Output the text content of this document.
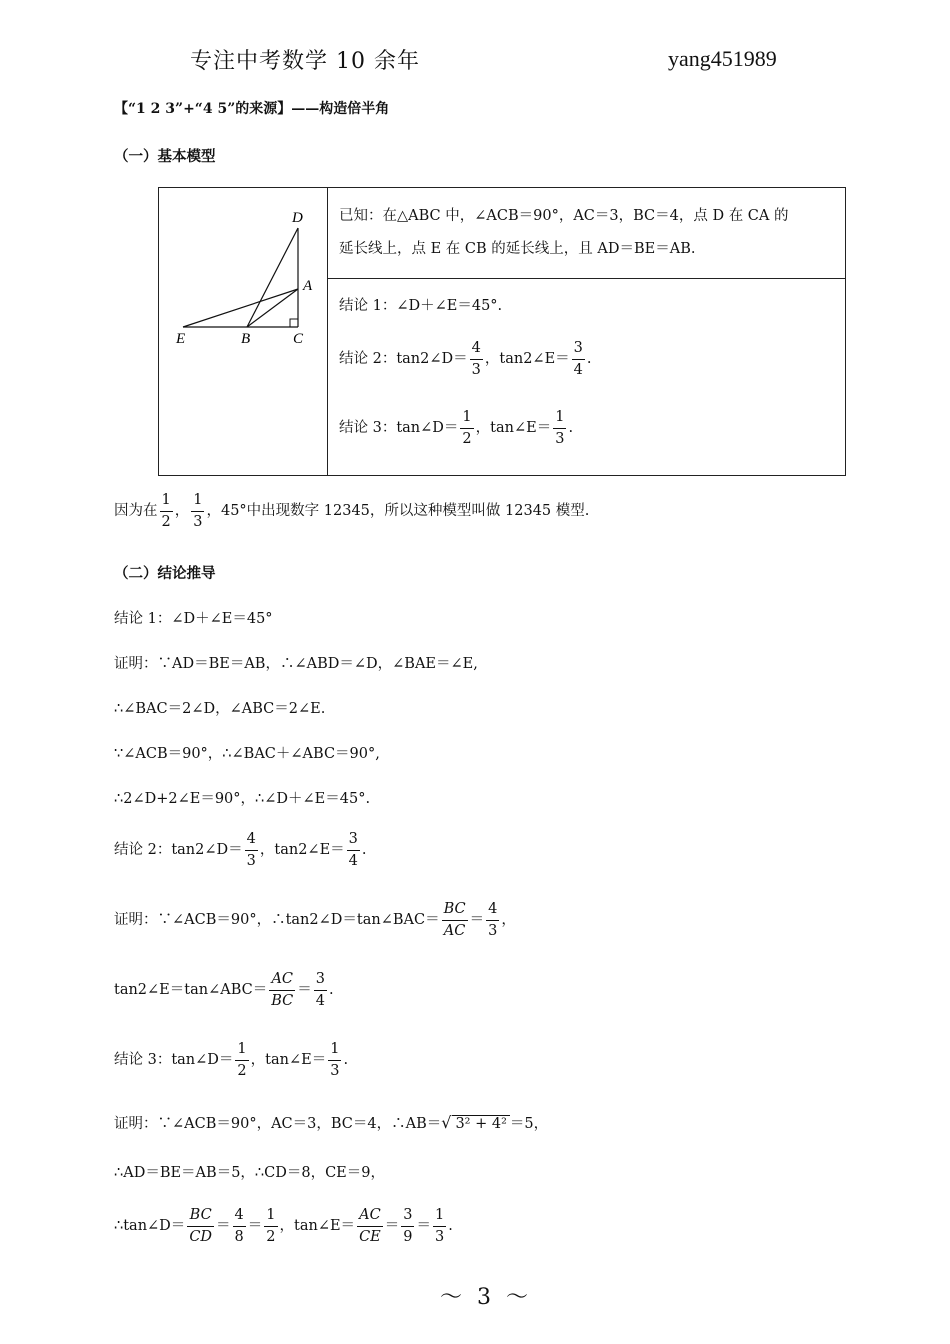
专注中考数学 10 余年	yang451989
【“1 2 3”+“4 5”的来源】——构造倍半角
（一）基本模型
D
A
E	B	C
已知：在△ABC 中，∠ACB＝90°，AC＝3，BC＝4，点 D 在 CA 的
延长线上，点 E 在 CB 的延长线上，且 AD＝BE＝AB.
结论 1：∠D＋∠E＝45°.
结论 2：tan2∠D＝ $\frac{4}{3}$ ，tan2∠E＝ $\frac{3}{4}$ .
结论 3：tan∠D＝ $\frac{1}{2}$ ，tan∠E＝ $\frac{1}{3}$ .
因为在 $\frac{1}{2}$ ， $\frac{1}{3}$ ，45°中出现数字 12345，所以这种模型叫做 12345 模型.
（二）结论推导
结论 1：∠D＋∠E＝45°
证明：∵AD＝BE＝AB，∴∠ABD＝∠D，∠BAE＝∠E,
∴∠BAC＝2∠D，∠ABC＝2∠E.
∵∠ACB＝90°，∴∠BAC＋∠ABC＝90°,
∴2∠D+2∠E＝90°，∴∠D＋∠E＝45°.
结论 2：tan2∠D＝ $\frac{4}{3}$ ，tan2∠E＝ $\frac{3}{4}$ .
证明：∵∠ACB＝90°，∴tan2∠D＝tan∠BAC＝ $\frac{BC}{AC} = \frac{4}{3}$ ，
tan2∠E＝tan∠ABC＝ $\frac{AC}{BC} = \frac{3}{4}$ .
结论 3：tan∠D＝ $\frac{1}{2}$ ，tan∠E＝ $\frac{1}{3}$ .
证明：∵∠ACB＝90°，AC＝3，BC＝4，∴AB＝√ 3² + 4² ＝5，
∴AD＝BE＝AB＝5，∴CD＝8，CE＝9，
∴tan∠D＝ $\frac{BC}{CD} = \frac{4}{8} = \frac{1}{2}$ ，tan∠E＝ $\frac{AC}{CE} = \frac{3}{9} = \frac{1}{3}$ .
～ 3 ～
